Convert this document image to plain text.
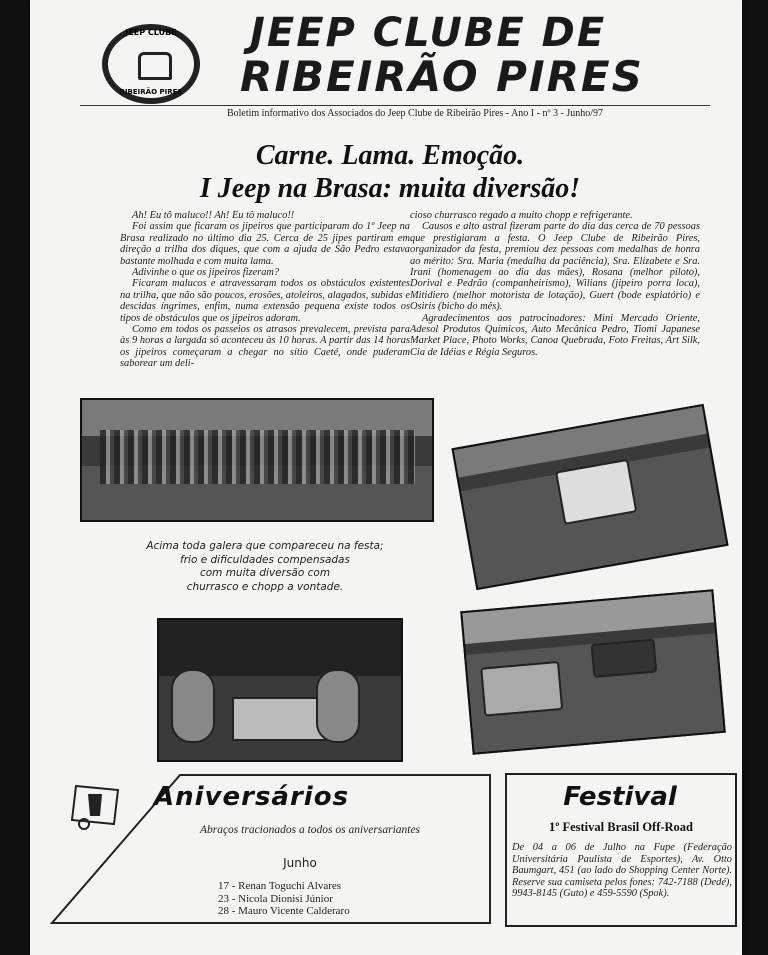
JEEP CLUBE
RIBEIRÃO PIRES
JEEP CLUBE DE
RIBEIRÃO PIRES
Boletim informativo dos Associados do Jeep Clube de Ribeirão Pires - Ano I - nº 3 - Junho/97
Carne. Lama. Emoção.
I Jeep na Brasa: muita diversão!

Ah! Eu tô maluco!! Ah! Eu tô maluco!!

Foi assim que ficaram os jipeiros que participaram do 1º Jeep na Brasa realizado no último dia 25. Cerca de 25 jipes partiram em direção a trilha dos diques, que com a ajuda de São Pedro estava bastante molhada e com muita lama.

Adivinhe o que os jipeiros fizeram?

Ficaram malucos e atravessaram todos os obstáculos existentes na trilha, que não são poucos, erosões, atoleiros, alagados, subidas e descidas íngrimes, enfim, numa extensão pequena existe todos os tipos de obstáculos que os jipeiros adoram.

Como em todos os passeios os atrasos prevalecem, prevista para às 9 horas a largada só aconteceu às 10 horas. A partir das 14 horas os jipeiros começaram a chegar no sítio Caeté, onde puderam saborear um deli-

cioso churrasco regado a muito chopp e refrigerante.

Causos e alto astral fizeram parte do dia das cerca de 70 pessoas que prestigiaram a festa. O Jeep Clube de Ribeirão Pires, organizador da festa, premiou dez pessoas com medalhas de honra ao mérito: Sra. Maria (medalha da paciência), Sra. Elizabete e Sra. Irani (homenagem ao dia das mães), Rosana (melhor piloto), Dorival e Pedrão (companheirismo), Wilians (jipeiro porra loca), Mitidiero (melhor motorista de lotação), Guert (bode espiatório) e Osiris (bicho do mês).

Agradecimentos aos patrocinadores: Mini Mercado Oriente, Adesol Produtos Químicos, Auto Mecânica Pedro, Tiomi Japanese Market Place, Photo Works, Canoa Quebrada, Foto Freitas, Art Silk, Cia de Idéias e Régia Seguros.

Acima toda galera que compareceu na festa;
frio e dificuldades compensadas
com muita diversão com
churrasco e chopp a vontade.
Aniversários
Abraços tracionados a todos os aniversariantes
Junho
17 - Renan Toguchi Alvares
23 - Nicola Dionisi Júnior
28 - Mauro Vicente Calderaro
Festival
1º Festival Brasil Off-Road
De 04 a 06 de Julho na Fupe (Federação Universitária Paulista de Esportes), Av. Otto Baumgart, 451 (ao lado do Shopping Center Norte). Reserve sua camiseta pelos fones: 742-7188 (Dedé), 9943-8145 (Guto) e 459-5590 (Spok).
